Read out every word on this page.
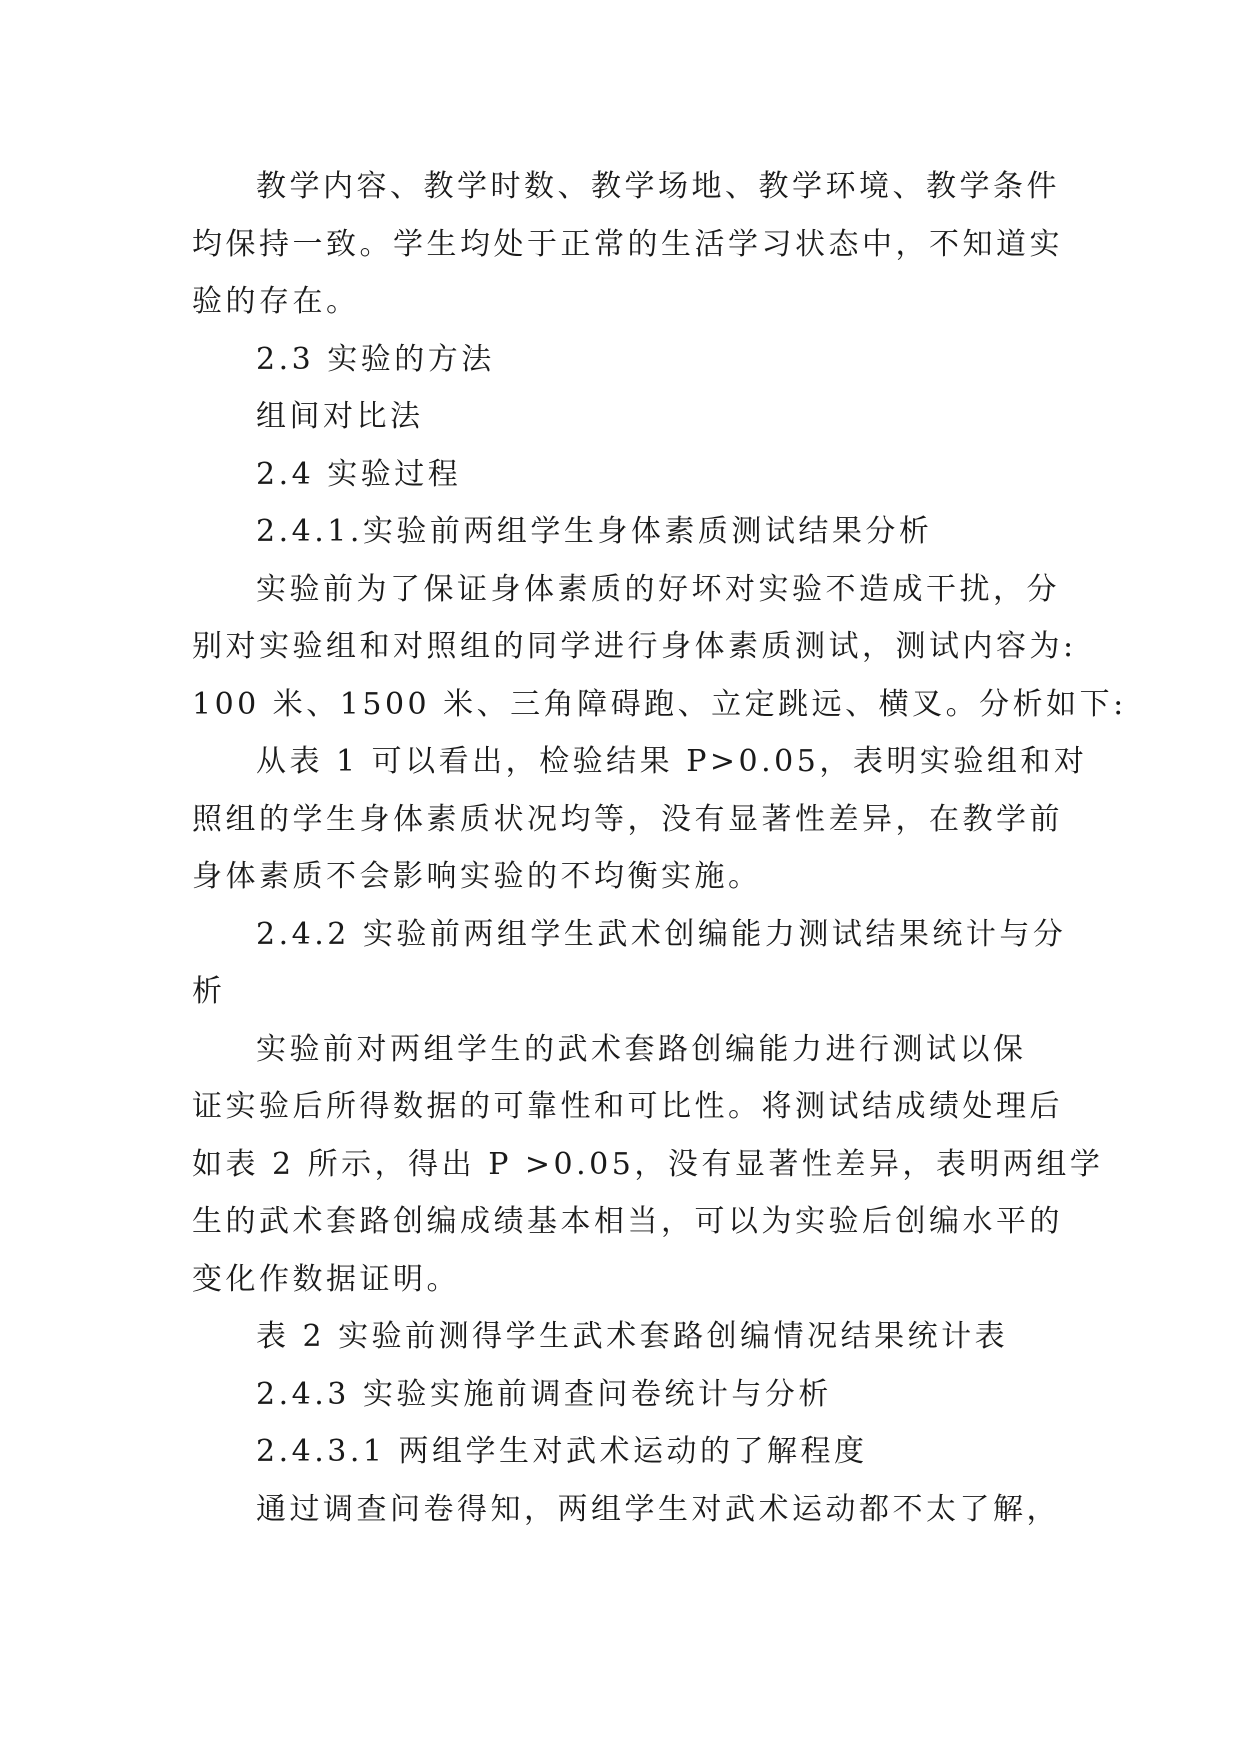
教学内容、教学时数、教学场地、教学环境、教学条件
均保持一致。学生均处于正常的生活学习状态中，不知道实
验的存在。
2.3 实验的方法
组间对比法
2.4 实验过程
2.4.1.实验前两组学生身体素质测试结果分析
实验前为了保证身体素质的好坏对实验不造成干扰，分
别对实验组和对照组的同学进行身体素质测试，测试内容为:
100 米、1500 米、三角障碍跑、立定跳远、横叉。分析如下:
从表 1 可以看出，检验结果 P>0.05，表明实验组和对
照组的学生身体素质状况均等，没有显著性差异，在教学前
身体素质不会影响实验的不均衡实施。
2.4.2 实验前两组学生武术创编能力测试结果统计与分
析
实验前对两组学生的武术套路创编能力进行测试以保
证实验后所得数据的可靠性和可比性。将测试结成绩处理后
如表 2 所示，得出 P >0.05，没有显著性差异，表明两组学
生的武术套路创编成绩基本相当，可以为实验后创编水平的
变化作数据证明。
表 2 实验前测得学生武术套路创编情况结果统计表
2.4.3 实验实施前调查问卷统计与分析
2.4.3.1 两组学生对武术运动的了解程度
通过调查问卷得知，两组学生对武术运动都不太了解，
